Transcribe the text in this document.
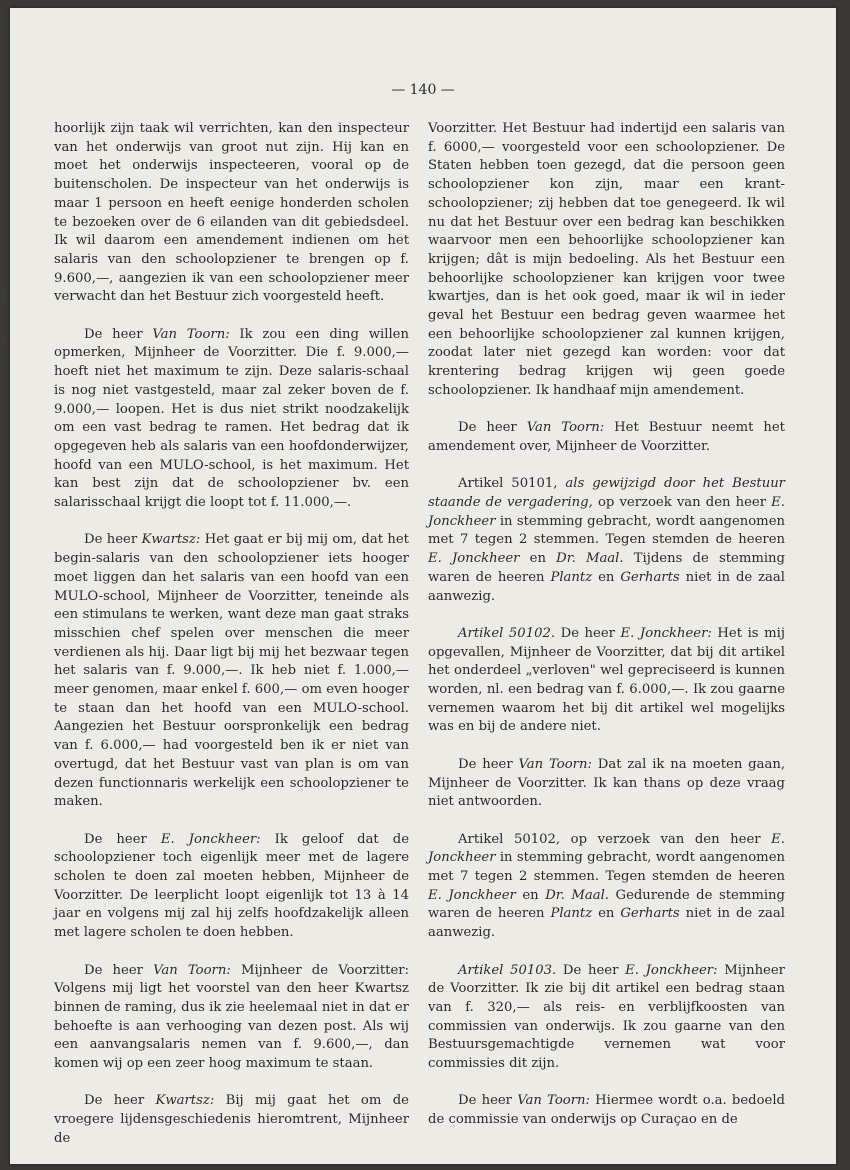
— 140 —

hoorlijk zijn taak wil verrichten, kan den inspecteur van het onderwijs van groot nut zijn. Hij kan en moet het onderwijs inspecteeren, vooral op de buitenscholen. De inspecteur van het onderwijs is maar 1 persoon en heeft eenige honderden scholen te bezoeken over de 6 eilanden van dit gebiedsdeel. Ik wil daarom een amendement indienen om het salaris van den schoolopziener te brengen op f. 9.600,—, aangezien ik van een schoolopziener meer verwacht dan het Bestuur zich voorgesteld heeft.

De heer Van Toorn: Ik zou een ding willen opmerken, Mijnheer de Voorzitter. Die f. 9.000,— hoeft niet het maximum te zijn. Deze salaris-schaal is nog niet vastgesteld, maar zal zeker boven de f. 9.000,— loopen. Het is dus niet strikt noodzakelijk om een vast bedrag te ramen. Het bedrag dat ik opgegeven heb als salaris van een hoofdonderwijzer, hoofd van een MULO-school, is het maximum. Het kan best zijn dat de schoolopziener bv. een salarisschaal krijgt die loopt tot f. 11.000,—.

De heer Kwartsz: Het gaat er bij mij om, dat het begin-salaris van den schoolopziener iets hooger moet liggen dan het salaris van een hoofd van een MULO-school, Mijnheer de Voorzitter, teneinde als een stimulans te werken, want deze man gaat straks misschien chef spelen over menschen die meer verdienen als hij. Daar ligt bij mij het bezwaar tegen het salaris van f. 9.000,—. Ik heb niet f. 1.000,— meer genomen, maar enkel f. 600,— om even hooger te staan dan het hoofd van een MULO-school. Aangezien het Bestuur oorspronkelijk een bedrag van f. 6.000,— had voorgesteld ben ik er niet van overtugd, dat het Bestuur vast van plan is om van dezen functionnaris werkelijk een schoolopziener te maken.

De heer E. Jonckheer: Ik geloof dat de schoolopziener toch eigenlijk meer met de lagere scholen te doen zal moeten hebben, Mijnheer de Voorzitter. De leerplicht loopt eigenlijk tot 13 à 14 jaar en volgens mij zal hij zelfs hoofdzakelijk alleen met lagere scholen te doen hebben.

De heer Van Toorn: Mijnheer de Voorzitter: Volgens mij ligt het voorstel van den heer Kwartsz binnen de raming, dus ik zie heelemaal niet in dat er behoefte is aan verhooging van dezen post. Als wij een aanvangsalaris nemen van f. 9.600,—, dan komen wij op een zeer hoog maximum te staan.

De heer Kwartsz: Bij mij gaat het om de vroegere lijdensgeschiedenis hieromtrent, Mijnheer de

Voorzitter. Het Bestuur had indertijd een salaris van f. 6000,— voorgesteld voor een schoolopziener. De Staten hebben toen gezegd, dat die persoon geen schoolopziener kon zijn, maar een krant-schoolopziener; zij hebben dat toe genegeerd. Ik wil nu dat het Bestuur over een bedrag kan beschikken waarvoor men een behoorlijke schoolopziener kan krijgen; dât is mijn bedoeling. Als het Bestuur een behoorlijke schoolopziener kan krijgen voor twee kwartjes, dan is het ook goed, maar ik wil in ieder geval het Bestuur een bedrag geven waarmee het een behoorlijke schoolopziener zal kunnen krijgen, zoodat later niet gezegd kan worden: voor dat krentering bedrag krijgen wij geen goede schoolopziener. Ik handhaaf mijn amendement.

De heer Van Toorn: Het Bestuur neemt het amendement over, Mijnheer de Voorzitter.

Artikel 50101, als gewijzigd door het Bestuur staande de vergadering, op verzoek van den heer E. Jonckheer in stemming gebracht, wordt aangenomen met 7 tegen 2 stemmen. Tegen stemden de heeren E. Jonckheer en Dr. Maal. Tijdens de stemming waren de heeren Plantz en Gerharts niet in de zaal aanwezig.

Artikel 50102. De heer E. Jonckheer: Het is mij opgevallen, Mijnheer de Voorzitter, dat bij dit artikel het onderdeel „verloven" wel gepreciseerd is kunnen worden, nl. een bedrag van f. 6.000,—. Ik zou gaarne vernemen waarom het bij dit artikel wel mogelijks was en bij de andere niet.

De heer Van Toorn: Dat zal ik na moeten gaan, Mijnheer de Voorzitter. Ik kan thans op deze vraag niet antwoorden.

Artikel 50102, op verzoek van den heer E. Jonckheer in stemming gebracht, wordt aangenomen met 7 tegen 2 stemmen. Tegen stemden de heeren E. Jonckheer en Dr. Maal. Gedurende de stemming waren de heeren Plantz en Gerharts niet in de zaal aanwezig.

Artikel 50103. De heer E. Jonckheer: Mijnheer de Voorzitter. Ik zie bij dit artikel een bedrag staan van f. 320,— als reis- en verblijfkoosten van commissien van onderwijs. Ik zou gaarne van den Bestuursgemachtigde vernemen wat voor commissies dit zijn.

De heer Van Toorn: Hiermee wordt o.a. bedoeld de commissie van onderwijs op Curaçao en de
